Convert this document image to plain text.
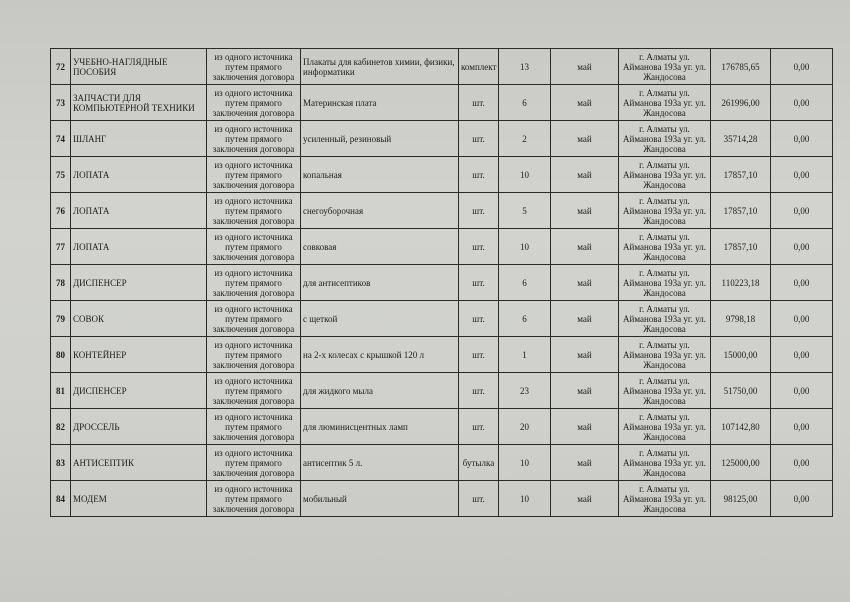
72	УЧЕБНО-НАГЛЯДНЫЕ ПОСОБИЯ	из одного источника путем прямого заключения договора	Плакаты для кабинетов химии, физики, информатики	комплект	13	май	г. Алматы ул. Айманова 193а уг. ул. Жандосова	176785,65	0,00
73	ЗАПЧАСТИ ДЛЯ КОМПЬЮТЕРНОЙ ТЕХНИКИ	из одного источника путем прямого заключения договора	Материнская плата	шт.	6	май	г. Алматы ул. Айманова 193а уг. ул. Жандосова	261996,00	0,00
74	ШЛАНГ	из одного источника путем прямого заключения договора	усиленный, резиновый	шт.	2	май	г. Алматы ул. Айманова 193а уг. ул. Жандосова	35714,28	0,00
75	ЛОПАТА	из одного источника путем прямого заключения договора	копальная	шт.	10	май	г. Алматы ул. Айманова 193а уг. ул. Жандосова	17857,10	0,00
76	ЛОПАТА	из одного источника путем прямого заключения договора	снегоуборочная	шт.	5	май	г. Алматы ул. Айманова 193а уг. ул. Жандосова	17857,10	0,00
77	ЛОПАТА	из одного источника путем прямого заключения договора	совковая	шт.	10	май	г. Алматы ул. Айманова 193а уг. ул. Жандосова	17857,10	0,00
78	ДИСПЕНСЕР	из одного источника путем прямого заключения договора	для антисептиков	шт.	6	май	г. Алматы ул. Айманова 193а уг. ул. Жандосова	110223,18	0,00
79	СОВОК	из одного источника путем прямого заключения договора	с щеткой	шт.	6	май	г. Алматы ул. Айманова 193а уг. ул. Жандосова	9798,18	0,00
80	КОНТЕЙНЕР	из одного источника путем прямого заключения договора	на 2-х колесах с крышкой 120 л	шт.	1	май	г. Алматы ул. Айманова 193а уг. ул. Жандосова	15000,00	0,00
81	ДИСПЕНСЕР	из одного источника путем прямого заключения договора	для жидкого мыла	шт.	23	май	г. Алматы ул. Айманова 193а уг. ул. Жандосова	51750,00	0,00
82	ДРОССЕЛЬ	из одного источника путем прямого заключения договора	для люминисцентных ламп	шт.	20	май	г. Алматы ул. Айманова 193а уг. ул. Жандосова	107142,80	0,00
83	АНТИСЕПТИК	из одного источника путем прямого заключения договора	антисептик 5 л.	бутылка	10	май	г. Алматы ул. Айманова 193а уг. ул. Жандосова	125000,00	0,00
84	МОДЕМ	из одного источника путем прямого заключения договора	мобильный	шт.	10	май	г. Алматы ул. Айманова 193а уг. ул. Жандосова	98125,00	0,00
